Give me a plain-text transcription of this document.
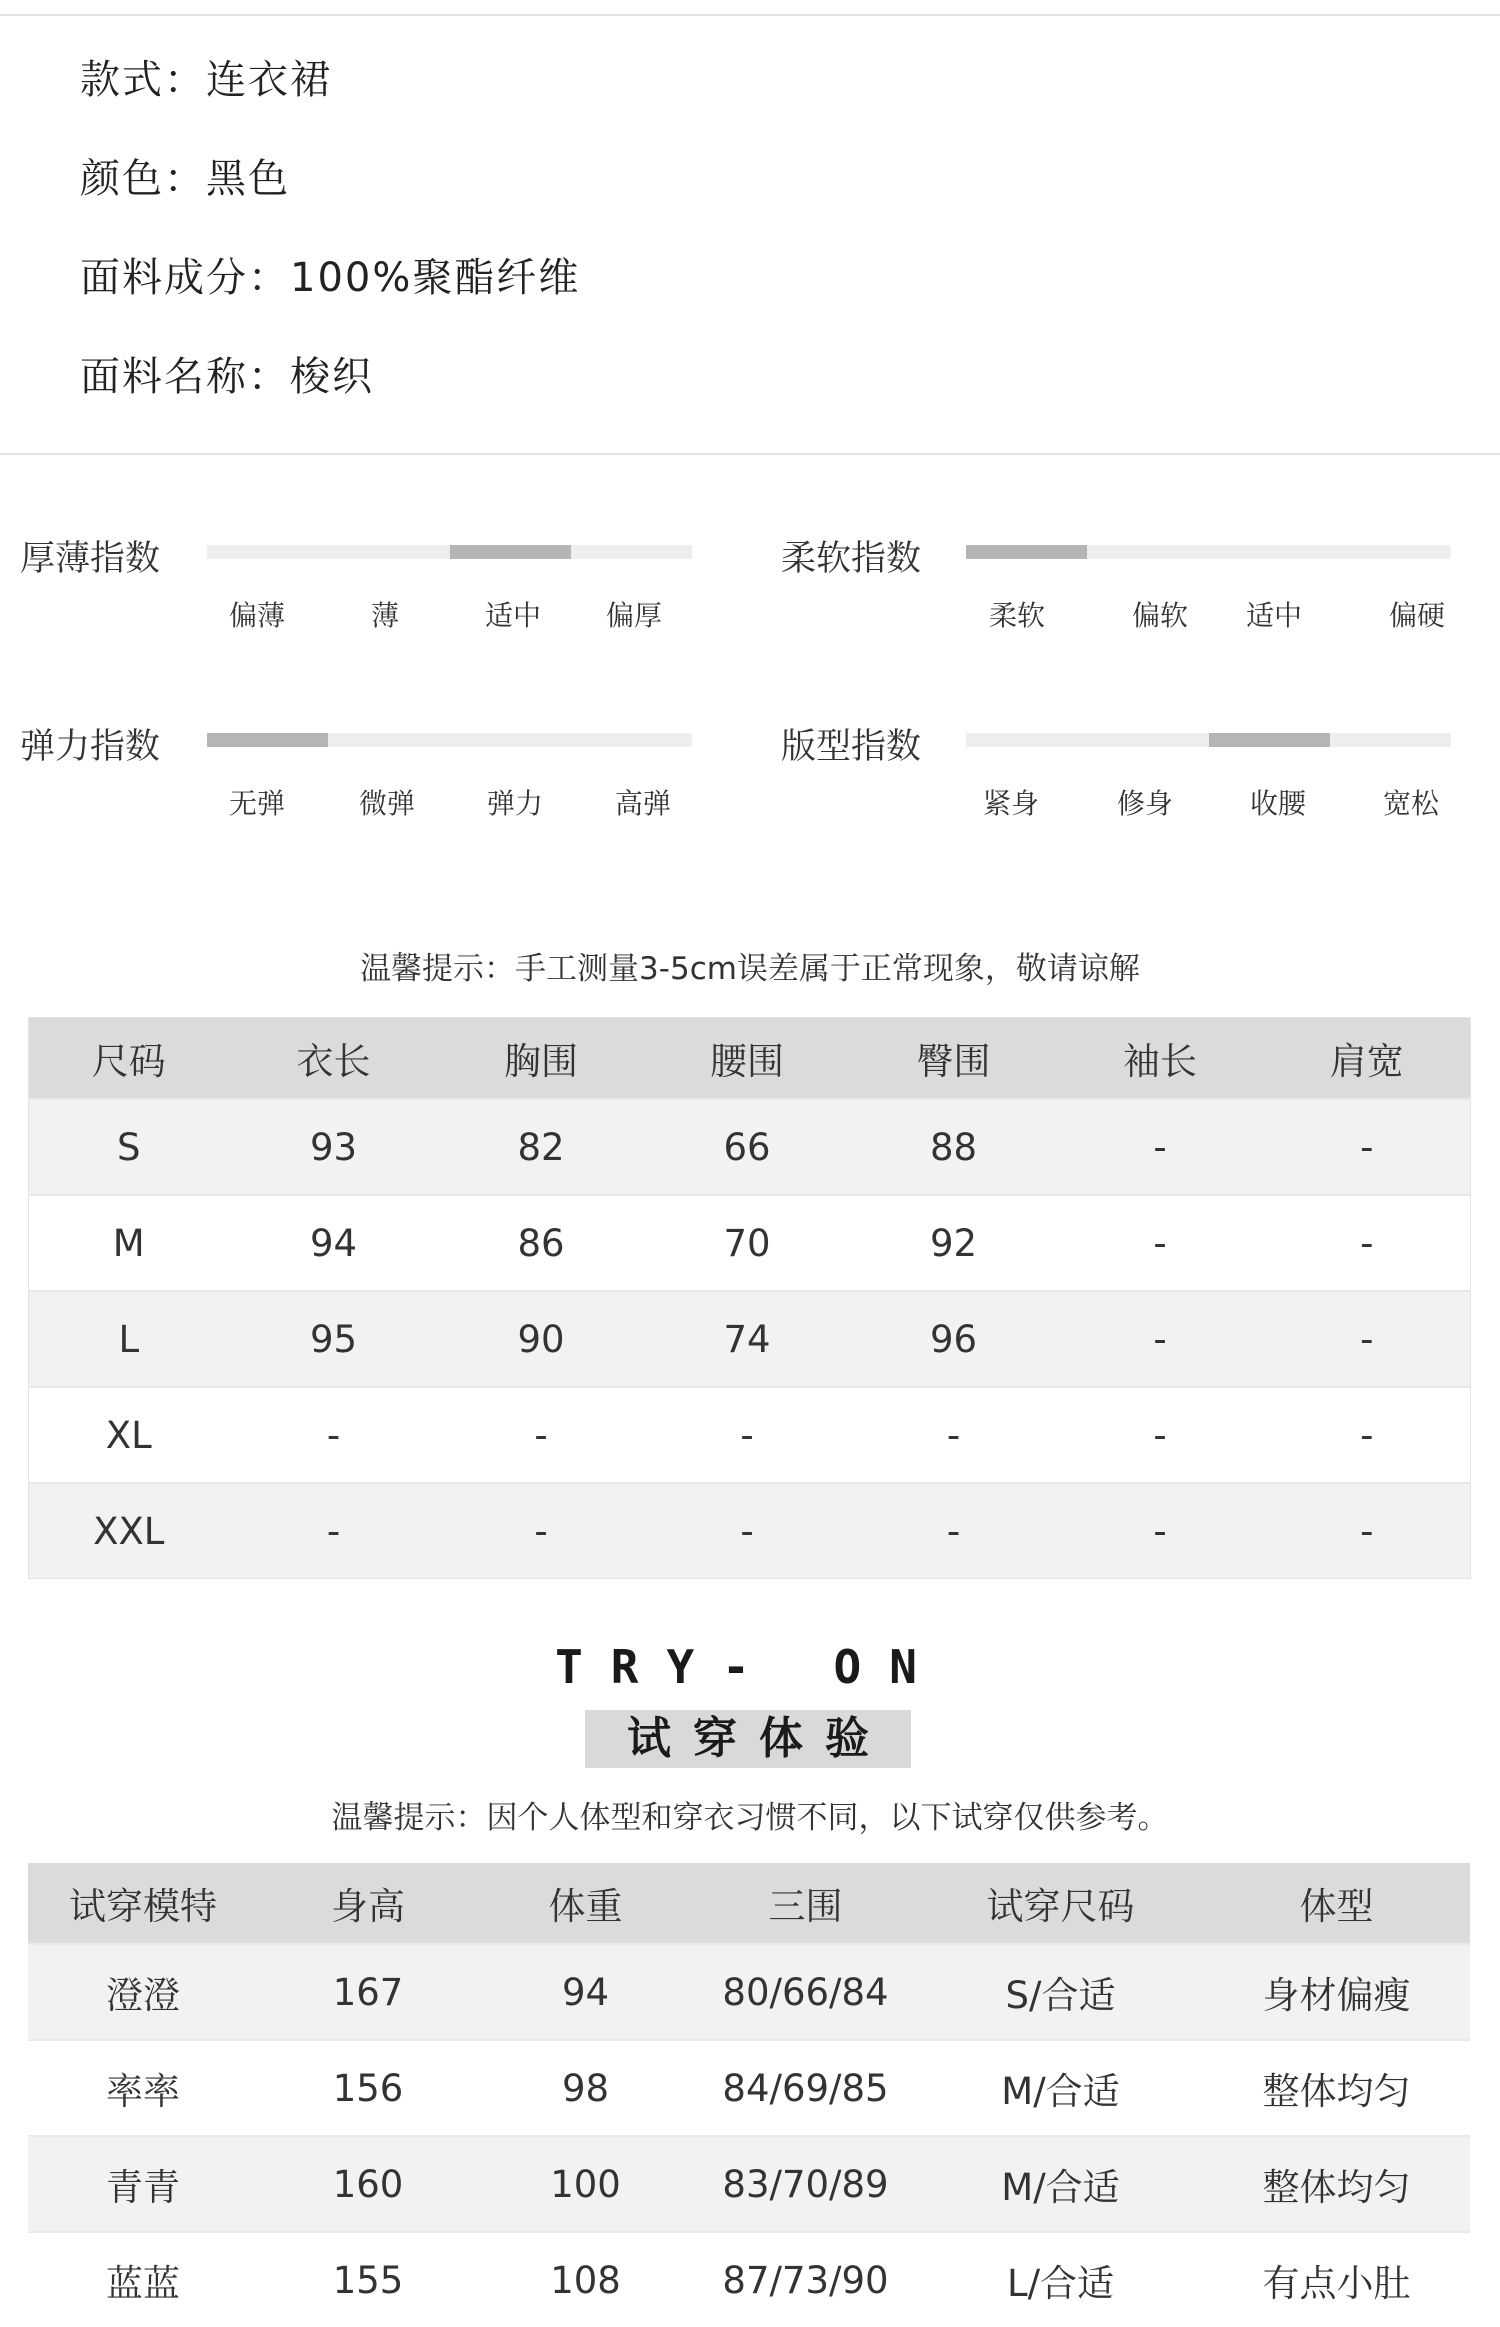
款式：连衣裙
颜色：黑色
面料成分：100%聚酯纤维
面料名称：梭织
厚薄指数
偏薄	薄	适中	偏厚
柔软指数
柔软	偏软	适中	偏硬
弹力指数
无弹	微弹	弹力	高弹
版型指数
紧身	修身	收腰	宽松
温馨提示：手工测量3-5cm误差属于正常现象，敬请谅解
尺码	衣长	胸围	腰围	臀围	袖长	肩宽
S	93	82	66	88	-	-
M	94	86	70	92	-	-
L	95	90	74	96	-	-
XL	-	-	-	-	-	-
XXL	-	-	-	-	-	-
TRY- ON
试穿体验
温馨提示：因个人体型和穿衣习惯不同，以下试穿仅供参考。
试穿模特	身高	体重	三围	试穿尺码	体型
澄澄	167	94	80/66/84	S/合适	身材偏瘦
率率	156	98	84/69/85	M/合适	整体均匀
青青	160	100	83/70/89	M/合适	整体均匀
蓝蓝	155	108	87/73/90	L/合适	有点小肚
